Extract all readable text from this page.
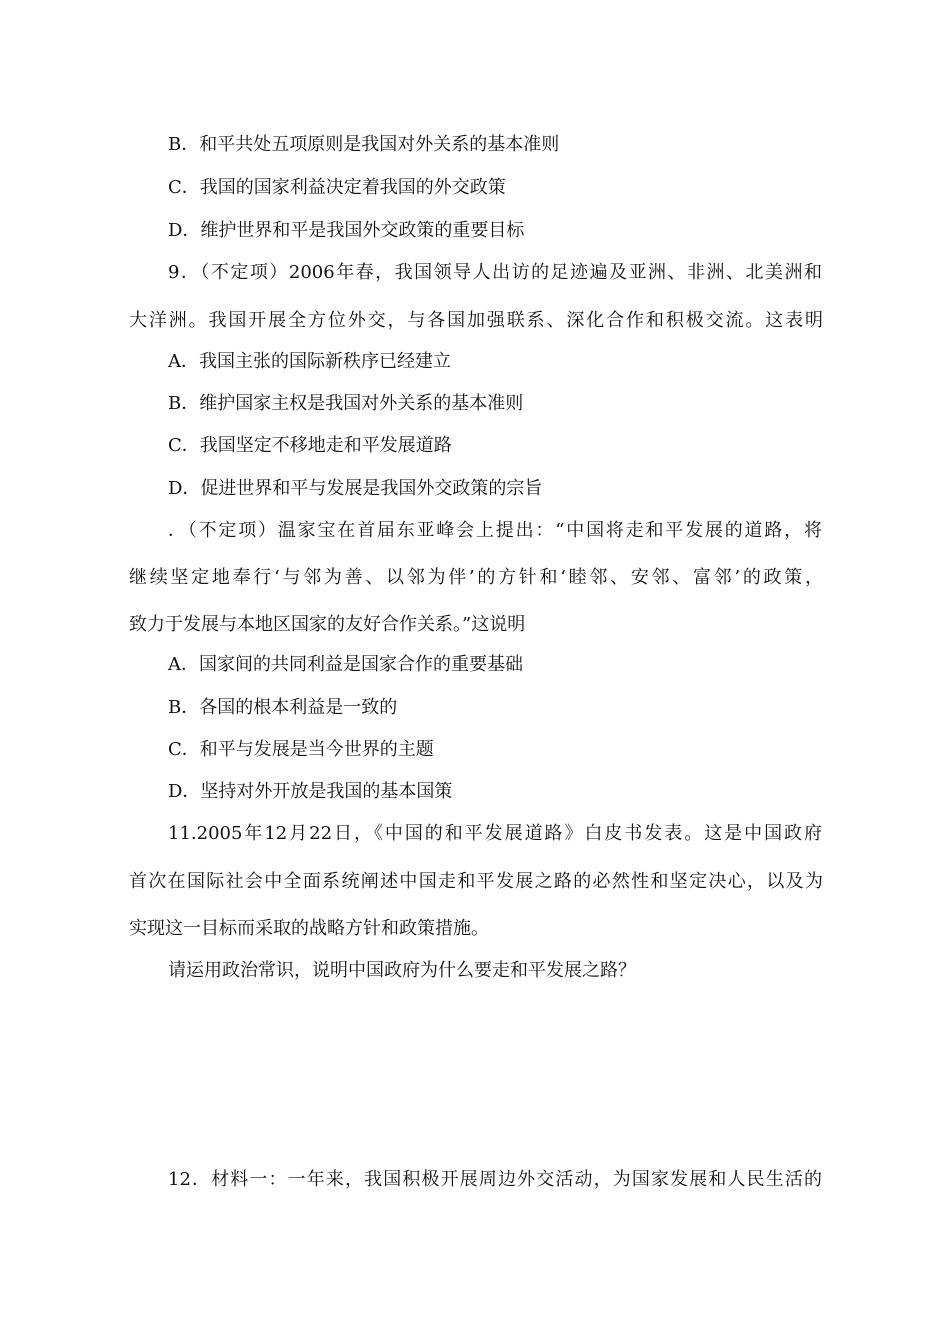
B．和平共处五项原则是我国对外关系的基本准则
C．我国的国家利益决定着我国的外交政策
D．维护世界和平是我国外交政策的重要目标
9．（不定项）2006年春，我国领导人出访的足迹遍及亚洲、非洲、北美洲和
大洋洲。我国开展全方位外交，与各国加强联系、深化合作和积极交流。这表明
A．我国主张的国际新秩序已经建立
B．维护国家主权是我国对外关系的基本准则
C．我国坚定不移地走和平发展道路
D．促进世界和平与发展是我国外交政策的宗旨
．（不定项）温家宝在首届东亚峰会上提出：“中国将走和平发展的道路，将
继续坚定地奉行‘与邻为善、以邻为伴’的方针和‘睦邻、安邻、富邻’的政策，
致力于发展与本地区国家的友好合作关系。”这说明
A．国家间的共同利益是国家合作的重要基础
B．各国的根本利益是一致的
C．和平与发展是当今世界的主题
D．坚持对外开放是我国的基本国策
11.2005年12月22日，《中国的和平发展道路》白皮书发表。这是中国政府
首次在国际社会中全面系统阐述中国走和平发展之路的必然性和坚定决心，以及为
实现这一目标而采取的战略方针和政策措施。
请运用政治常识，说明中国政府为什么要走和平发展之路？
12．材料一：一年来，我国积极开展周边外交活动，为国家发展和人民生活的
